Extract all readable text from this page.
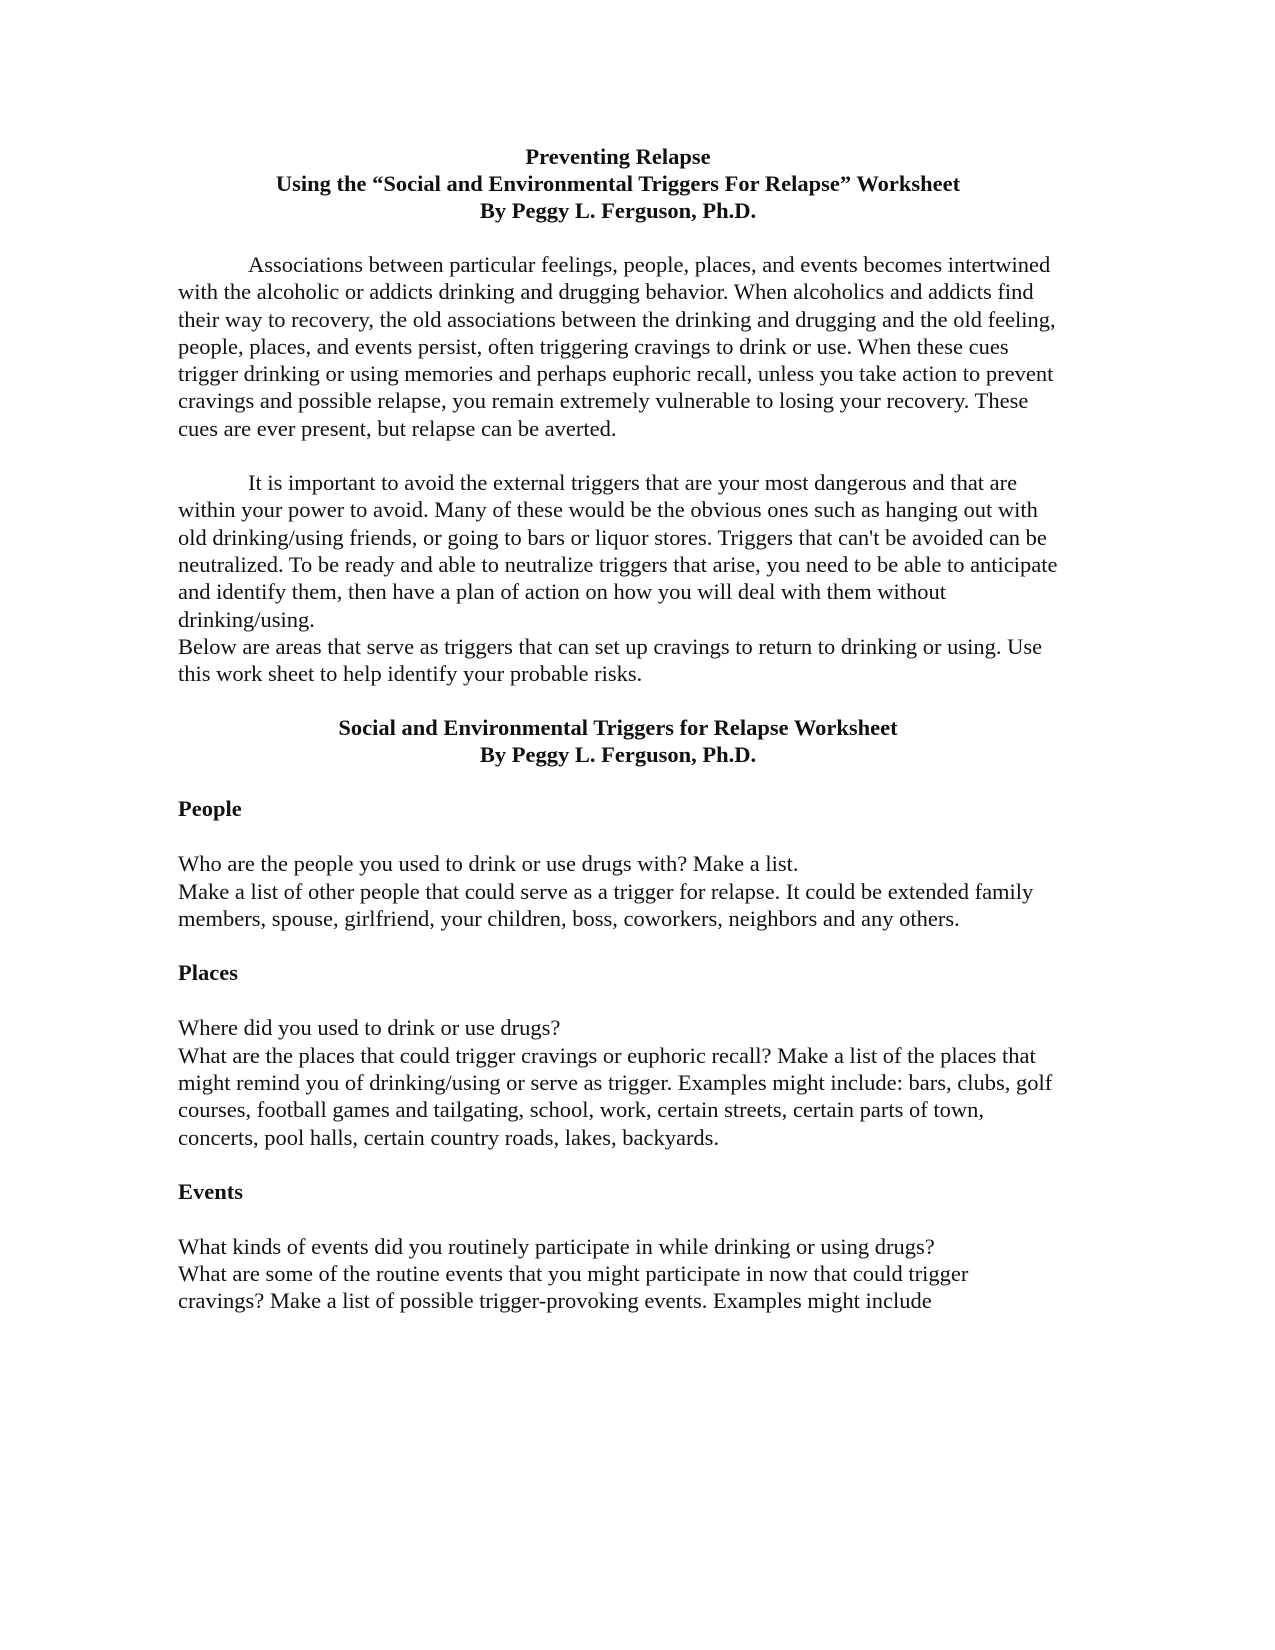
Preventing Relapse
Using the “Social and Environmental Triggers For Relapse” Worksheet
By Peggy L. Ferguson, Ph.D.

Associations between particular feelings, people, places, and events becomes intertwined with the alcoholic or addicts drinking and drugging behavior. When alcoholics and addicts find their way to recovery, the old associations between the drinking and drugging and the old feeling, people, places, and events persist, often triggering cravings to drink or use. When these cues trigger drinking or using memories and perhaps euphoric recall, unless you take action to prevent cravings and possible relapse, you remain extremely vulnerable to losing your recovery. These cues are ever present, but relapse can be averted.

It is important to avoid the external triggers that are your most dangerous and that are within your power to avoid. Many of these would be the obvious ones such as hanging out with old drinking/using friends, or going to bars or liquor stores. Triggers that can't be avoided can be neutralized. To be ready and able to neutralize triggers that arise, you need to be able to anticipate and identify them, then have a plan of action on how you will deal with them without drinking/using.

Below are areas that serve as triggers that can set up cravings to return to drinking or using. Use this work sheet to help identify your probable risks.

Social and Environmental Triggers for Relapse Worksheet
By Peggy L. Ferguson, Ph.D.

People

Who are the people you used to drink or use drugs with? Make a list.

Make a list of other people that could serve as a trigger for relapse. It could be extended family members, spouse, girlfriend, your children, boss, coworkers, neighbors and any others.

Places

Where did you used to drink or use drugs?

What are the places that could trigger cravings or euphoric recall? Make a list of the places that might remind you of drinking/using or serve as trigger. Examples might include: bars, clubs, golf courses, football games and tailgating, school, work, certain streets, certain parts of town, concerts, pool halls, certain country roads, lakes, backyards.

Events

What kinds of events did you routinely participate in while drinking or using drugs?

What are some of the routine events that you might participate in now that could trigger cravings? Make a list of possible trigger-provoking events. Examples might include
